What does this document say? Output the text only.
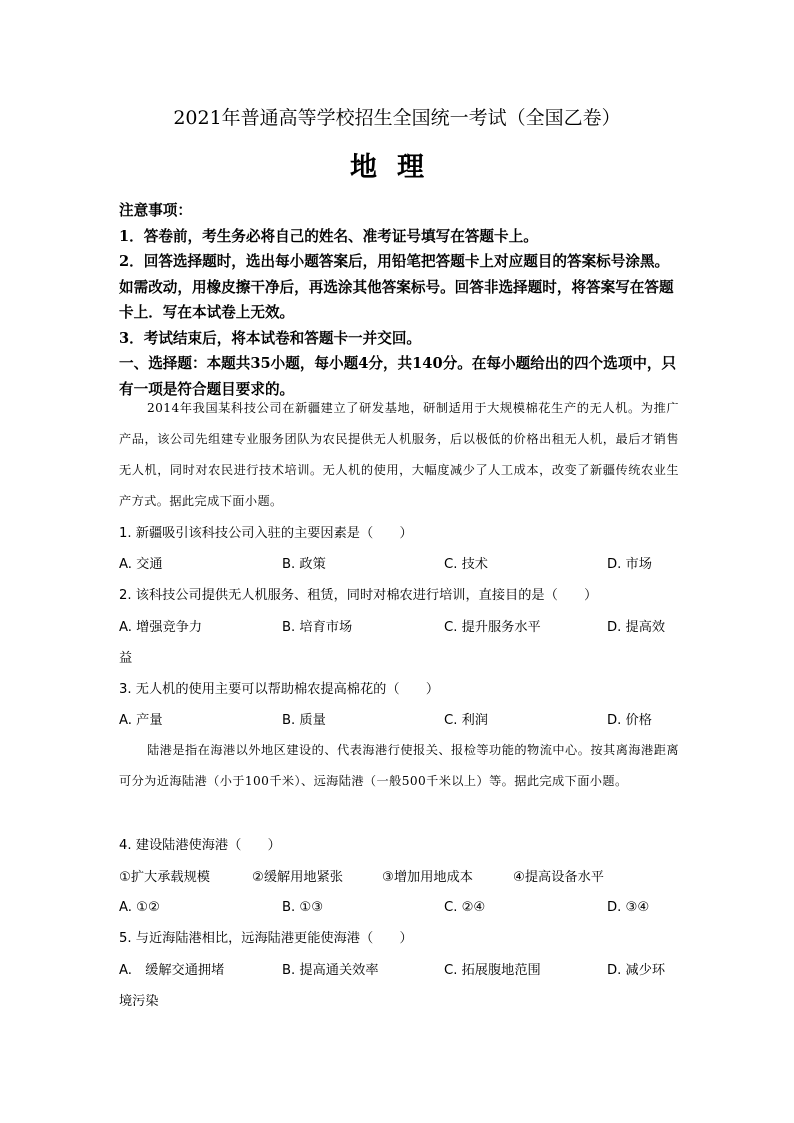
2021年普通高等学校招生全国统一考试（全国乙卷）
地理

注意事项：

1．答卷前，考生务必将自己的姓名、准考证号填写在答题卡上。

2．回答选择题时，选出每小题答案后，用铅笔把答题卡上对应题目的答案标号涂黑。如需改动，用橡皮擦干净后，再选涂其他答案标号。回答非选择题时，将答案写在答题卡上．写在本试卷上无效。

3．考试结束后，将本试卷和答题卡一并交回。

一、选择题：本题共35小题，每小题4分，共140分。在每小题给出的四个选项中，只有一项是符合题目要求的。

2014年我国某科技公司在新疆建立了研发基地，研制适用于大规模棉花生产的无人机。为推广产品，该公司先组建专业服务团队为农民提供无人机服务，后以极低的价格出租无人机，最后才销售无人机，同时对农民进行技术培训。无人机的使用，大幅度减少了人工成本，改变了新疆传统农业生产方式。据此完成下面小题。
1. 新疆吸引该科技公司入驻的主要因素是（　　）
A. 交通	B. 政策	C. 技术	D. 市场
2. 该科技公司提供无人机服务、租赁，同时对棉农进行培训，直接目的是（　　）
A. 增强竞争力	B. 培育市场	C. 提升服务水平	D. 提高效
益
3. 无人机的使用主要可以帮助棉农提高棉花的（　　）
A. 产量	B. 质量	C. 利润	D. 价格
陆港是指在海港以外地区建设的、代表海港行使报关、报检等功能的物流中心。按其离海港距离可分为近海陆港（小于100千米）、远海陆港（一般500千米以上）等。据此完成下面小题。
4. 建设陆港使海港（　　）
①扩大承载规模	②缓解用地紧张	③增加用地成本	④提高设备水平
A. ①②	B. ①③	C. ②④	D. ③④
5. 与近海陆港相比，远海陆港更能使海港（　　）
A.　缓解交通拥堵	B. 提高通关效率	C. 拓展腹地范围	D. 减少环
境污染
